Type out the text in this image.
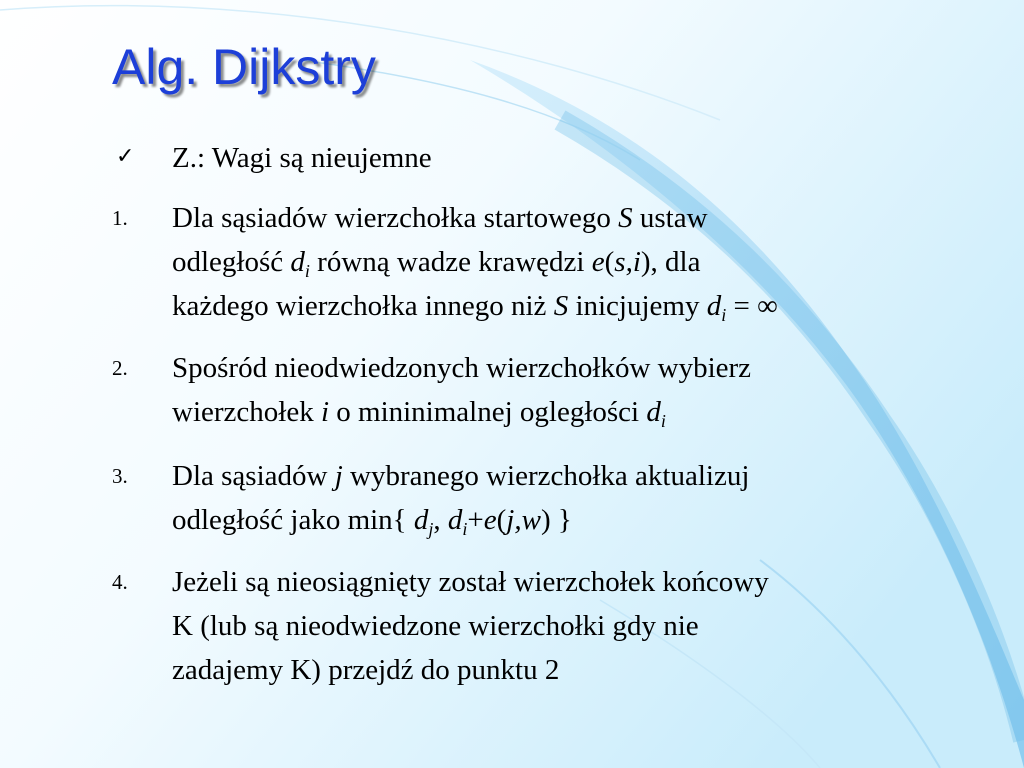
Alg. Dijkstry
✓ Z.: Wagi są nieujemne
1. Dla sąsiadów wierzchołka startowego S ustaw
odległość $d_i$ równą wadze krawędzi e(s,i), dla
każdego wierzchołka innego niż S inicjujemy $d_i$ = ∞
2. Spośród nieodwiedzonych wierzchołków wybierz
wierzchołek i o mininimalnej ogległości $d_i$
3. Dla sąsiadów j wybranego wierzchołka aktualizuj
odległość jako min{ $d_j$, $d_i+e(j,w)$ }
4. Jeżeli są nieosiągnięty został wierzchołek końcowy
K (lub są nieodwiedzone wierzchołki gdy nie
zadajemy K) przejdź do punktu 2
